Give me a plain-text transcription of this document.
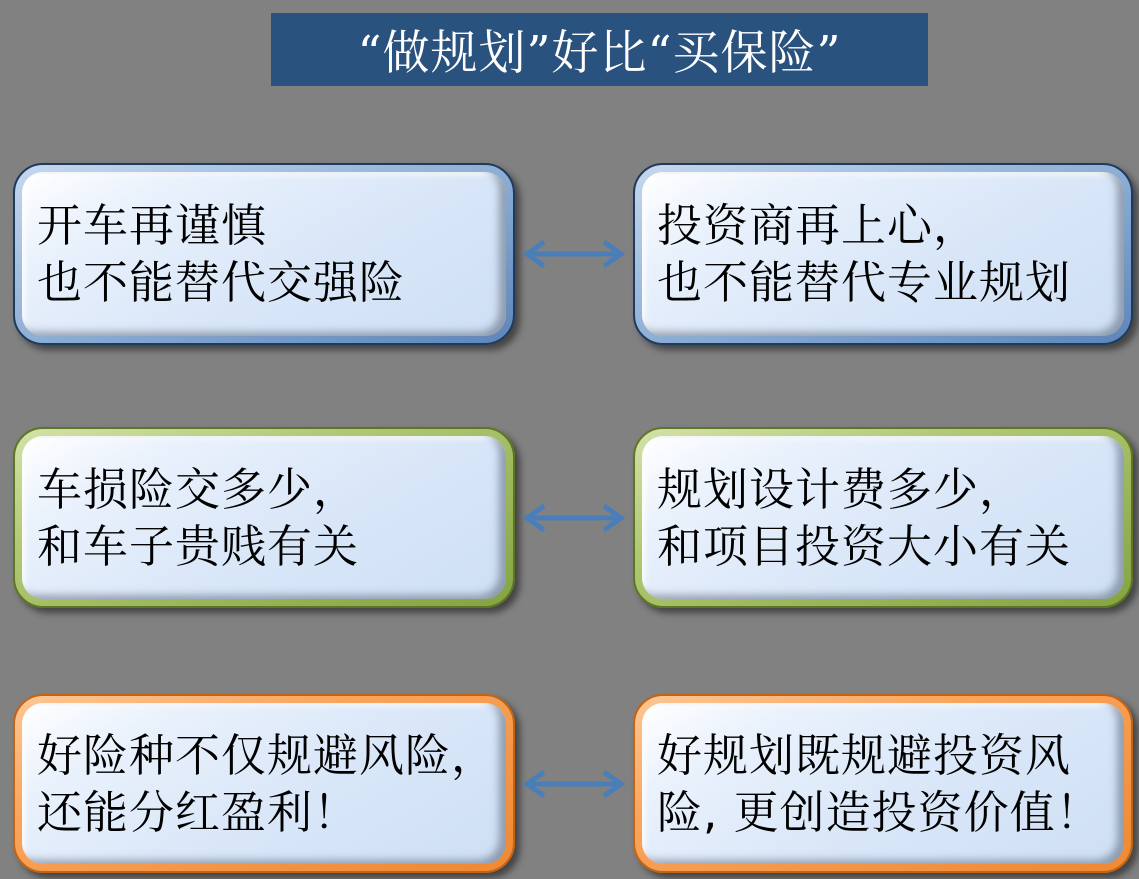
“做规划”好比“买保险”
开车再谨慎
也不能替代交强险
投资商再上心，
也不能替代专业规划
车损险交多少，
和车子贵贱有关
规划设计费多少，
和项目投资大小有关
好险种不仅规避风险，
还能分红盈利！
好规划既规避投资风
险, 更创造投资价值！
